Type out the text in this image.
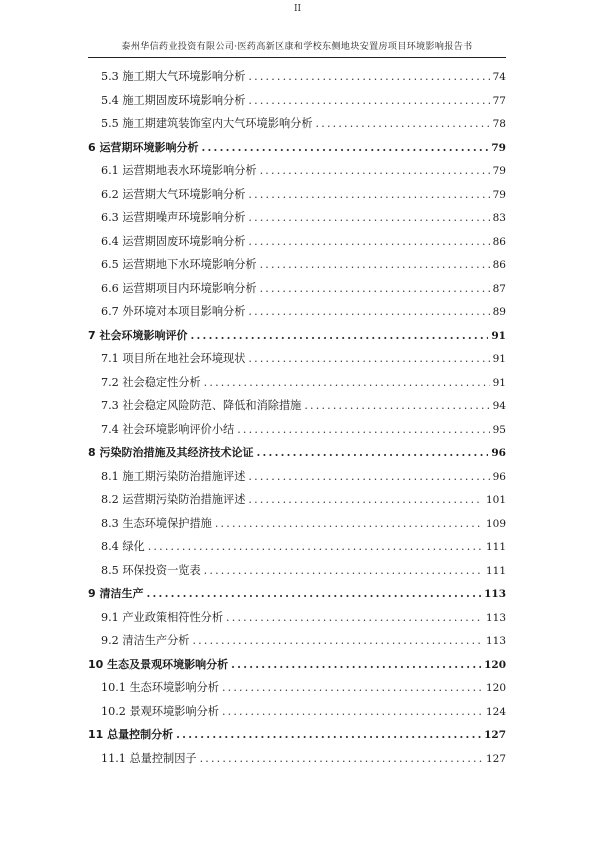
II
泰州华信药业投资有限公司·医药高新区康和学校东侧地块安置房项目环境影响报告书
5.3 施工期大气环境影响分析 .....	74
5.4 施工期固废环境影响分析 .....	77
5.5 施工期建筑装饰室内大气环境影响分析 .....	78
6 运营期环境影响分析 .....	79
6.1 运营期地表水环境影响分析 .....	79
6.2 运营期大气环境影响分析 .....	79
6.3 运营期噪声环境影响分析 .....	83
6.4 运营期固废环境影响分析 .....	86
6.5 运营期地下水环境影响分析 .....	86
6.6 运营期项目内环境影响分析 .....	87
6.7 外环境对本项目影响分析 .....	89
7 社会环境影响评价 .....	91
7.1 项目所在地社会环境现状 .....	91
7.2 社会稳定性分析 .....	91
7.3 社会稳定风险防范、降低和消除措施 .....	94
7.4 社会环境影响评价小结 .....	95
8 污染防治措施及其经济技术论证 .....	96
8.1 施工期污染防治措施评述 .....	96
8.2 运营期污染防治措施评述 .....	101
8.3 生态环境保护措施 .....	109
8.4 绿化 .....	111
8.5 环保投资一览表 .....	111
9 清洁生产 .....	113
9.1 产业政策相符性分析 .....	113
9.2 清洁生产分析 .....	113
10 生态及景观环境影响分析 .....	120
10.1 生态环境影响分析 .....	120
10.2 景观环境影响分析 .....	124
11 总量控制分析 .....	127
11.1 总量控制因子 .....	127
